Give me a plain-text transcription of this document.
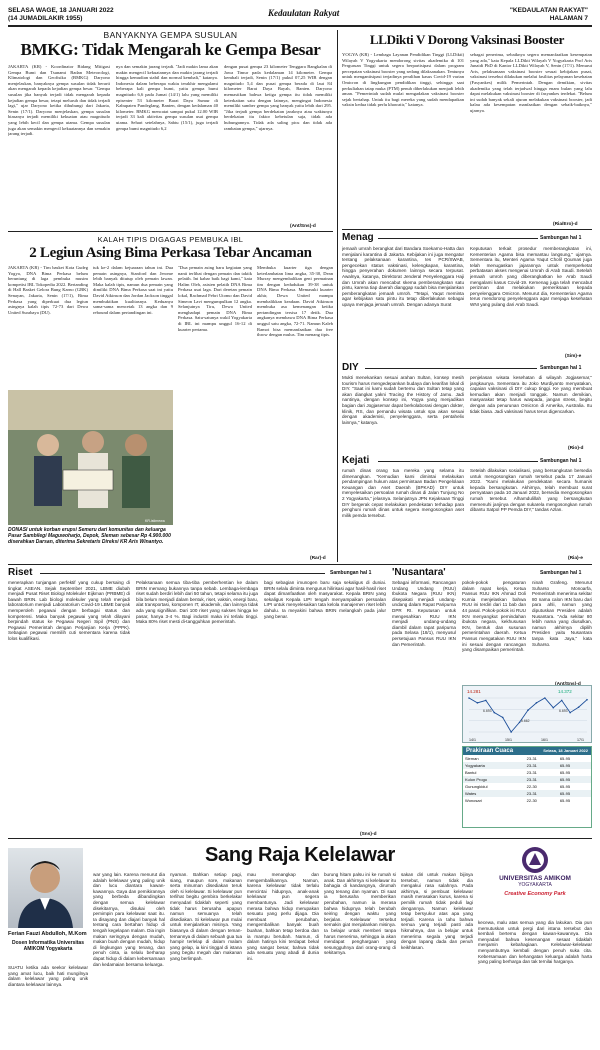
SELASA WAGE, 18 JANUARI 2022
(14 JUMADILAKIR 1955)
Kedaulatan Rakyat	"KEDAULATAN RAKYAT"
HALAMAN 7
BANYAKNYA GEMPA SUSULAN
BMKG: Tidak Mengarah ke Gempa Besar
JAKARTA (KR) - Koordinator Bidang Mitigasi Gempa Bumi dan Tsunami Badan Meteorologi, Klimatologi dan Geofisika (BMKG) Daryono menjelaskan, banyaknya gempa susulan tidak berarti akan mengarah kepada kejadian gempa besar. "Gempa susulan jika banyak terjadi tidak mengarah kepada kejadian gempa besar, tetapi meluruh dan tidak terjadi lagi," ujar Daryono ketika dihubungi dari Jakarta, Senin (17/1). Daryono menjelaskan, gempa susulan biasanya terjadi memiliki kekuatan atau magnitudo yang lebih kecil dan gempa utama. Gempa susulan juga akan semakin mengecil kekuatannya dan semakin jarang terjadi.
nya dan semakin jarang terjadi. "Jadi makin lama akan makin mengecil kekuatannya dan makin jarang terjadi hingga kemudian stabil dan normal kembali," katanya. Indonesia dalam beberapa waktu terakhir mengalami beberapa kali gempa bumi, yaitu gempa bumi magnitudo 6,6 pada Jumat (14/1) lalu yang memiliki episenter 53 kilometer Barat Daya Sumur di Kabupaten Pandeglang, Banten, dengan kedalaman 40 kilometer. BMKG mencatat sampai pukul 12.00 WIB terjadi 33 kali aktivitas gempa susulan usai gempa utama. Sehari setelahnya, Sabtu (15/1), juga terjadi gempa bumi magnitudo 6,2
dengan pusat gempa 23 kilometer Tenggara Bangkalan di Jawa Timur pada kedalaman 14 kilometer. Gempa kembali terjadi, Senin (17/1) pukul 07,25 WIB dengan magnitudo 5,4 dan pusat gempa berada di laut 84 kilometer Barat Daya Bayah, Banten. Daryono memastikan bahwa ketiga gempa itu tidak memiliki keterkaitan satu dengan lainnya, mengingat Indonesia memiliki sumber gempa yang banyak yaitu lebih dari 295. "Jika terjadi gempa berdekatan jaraknya atau waktunya berdekatan itu faktor kebetulan saja, tidak ada hubungannya. Tidak ada saling picu dan tidak ada rambatan gempa," ujarnya.
(Ant/Sns)-d
KALAH TIPIS DIGAGAS PEMBUKA IBL
2 Legiun Asing Bima Perkasa Tebar Ancaman
JAKARTA (KR) - Tim basket Kota Gudeg Yogya, DNA Bima Perkasa belum beruntung di laga pembuka musim kompetisi IBL Tokopedia 2022. Bertanding di Hall Basket Gelora Bung Karno (GBK) Senayan, Jakarta, Senin (17/1), Bima Perkasa yang diperkuat dua legiun asingnya kalah tipis 72-73 dari Dewa United Surabaya (DU).
tuk ke-2 dalam kejuaraan tahun ini. Dua pemain asingnya, Stanford dan Jerome lebih banyak ditutup oleh pemain lawan. Maka kalah tipis, namun dua pemain yang dimiliki DNA Bima Perkasa saat ini yaitu David Atkinson dan Jordan Jackson tinggal membuktikan kualitasnya. Keduanya sama-sama mencetak 13 angka dan 9 rebound dalam pertandingan ini.
"Dua pemain asing baru kegiatan yang nanti terlibat dengan pemain dan taktik pelatih. Ini kabar baik bagi kami," kata Halim Oleh, asisten pelatih DNA Bima Perkasa usai laga. Dari deretan pemain lokal, Rachmad Febri Utomo dan David Simeon Lavi mengumpulkan 12 angka. Selanjutnya Tiru, Dewa United menghadapi pemain DNA Bima Perkasa. Satu-satunya wakil Yogyakarta di IBL ini mampu unggul 16-12 di kuarter pertama.
Membuka kuarter tiga dengan keterlambatan lima angka, 35-30, Dean Murray mengembalikan geni permainan tim dengan kedudukan 39-38 untuk DNA Bima Perkasa. Memasuki kuarter akhir, Dewa United mampu membalikkan keadaan. David Atkinson membuka asa kemenangan ketika pertandingan tersisa 17 detik. Dua angkanya membawa DNA Bima Perkasa unggul satu angka, 72-71. Namun Kaleb Ramot bisa memanfaatkan dua free throw dengan mulus. Tim menang tipis.
KR-istimewa
DONASI untuk korban erupsi Semeru dari komunitas dan keluarga Pasar Sambilegi Maguwoharjo, Depok, Sleman sebesar Rp 4.900.000 diserahkan Darsan, diterima Sekretaris Direksi KR Aris Winantyo.
(Rar)-d
LLDikti V Dorong Vaksinasi Booster
YOGYA (KR) - Lembaga Layanan Pendidikan Tinggi (LLDikti) Wilayah V Yogyakarta mendorong sivitas akademika di 101 Perguruan Tinggi untuk segera berpartisipasi dalam program percepatan vaksinasi booster yang sedang dilaksanakan. Tentunya untuk mengantisipasi terjadinya peralihan kasus Covid-19 varian Omicron di lingkungan pendidikan tinggi, sehingga saat perkuliahan tatap muka (PTM) penuh diberlakukan menjadi lebih aman. "Pemerintah sudah mulai mengadakan vaksinasi booster sejak bertahap. Untuk itu bagi mereka yang sudah mendapatkan vaksin kedua tidak perlu khawatir," katanya.
sebagai penerima, sebaiknya segera memanfaatkan kesempatan yang ada," kata Kepala LLDikti Wilayah V Yogyakarta Prof Aris Junaidi PhD di Kantor LLDikti Wilayah V, Senin (17/1). Menurut Aris, pelaksanaan vaksinasi booster sesuai kebijakan pusat, vaksinasi tersebut dilakukan melalui fasilitas pelayanan kesehatan (Fasyankes) milik Pemerintah. Dengan demikian, sivitas akademika yang telah terjadwal hingga enam bulan yang lalu dapat melakukan vaksinasi booster di fasyankes terdekat. "Belum ini sudah banyak sekali ajuran melakukan vaksinasi booster, jadi kalau ada kesempatan manfaatkan dengan sebaik-baiknya," ujarnya.
(Ria/Ero)-d
Menag	Sambungan hal 1
jemaah umrah berangkat dari Bandara Soekarno-Hatta dan menjalani karantina di Jakarta. Kebijakan ini juga mengatur tentang pelaksanaan karantina, tes PCR/SWAB, pengecekan status vaksinasi, kelengkapan, karantina, hingga penyerahan dokumen lainnya secara terpusat. Awalnya, katanya, Direktorat Jenderal Penyelenggara Haji dan Umrah akan mencabut skema pemberangkatan satu pintu, karena tiap daerah dianggap sudah bisa menjalankan pemberangkatan jemaah umroh. "Tetapi, Yaqut meminta agar kebijakan satu pintu itu tetap diberlakukan sebagai upaya menjaga jemaah umrah. Dengan adanya Surat
Keputusan terkait prosedur memberangkatan ini, Kementerian Agama bisa memantau langsung," ujarnya. Sementara itu, Menteri Agama Yaqut Cholil Qoumas juga telah menugaskan jajarannya untuk memperketat perbatasan akses mengenai Umrah di Arab Saudi. Setelah jemaah umroh yang diberangkatkan ke Arab Saudi mengalami kasus Covid-19. Kemenag juga telah mencabut perizinan dan melakukan pemeriksaan kepada penyelenggara Omicron. Menurut dia, Kementerian Agama terus mendorong penyelenggara agar menjaga kesehatan WNI yang pulang dari Arab Saudi.
(Sim)-e
DIY	Sambungan hal 1
Mukti menekankan sesuai arahan Sultan, konsep mesih tourism harus mengedepankan budaya dan kearifan lokal di DIY. "Saat ini kami sudah bertemu dan Sultan tetap yang akan diangkat yakni Tracing the History of Jamu. Jadi nantinya, dengan konsep ini, Yogya yang menjadikan bagian dari Jogjasemar dapat berkolaborasi dengan dokter, klinik, RS, dan pemandu wisata untuk spa akan sesuai dengan akademisi, penyelenggara, serta pentahelix lainnya," katanya.
penjelasan wisata kesehatan di wilayah Jogjasemar," jangkaunya. Sementara itu Joko Murdiyanto menyatakan, capaian vaksinasi di DIY cukup tinggi. Ke yang membuat kemudian akan menjadi tonggak. Namun demikian, masyarakat tetap harus waspada, jangan stress, begitu dengan ada penurunan Omicron di Amerika, Australia. Itu tidak biasa. Jadi vaksinasi harus terus digencarkan.
(Rio)-d
Kejati	Sambungan hal 1
rumah dinas orang tua mereka yang selama itu dimenangkan. "Kemudian kami dimintai melakukan pendampingan hukum atas permintaan Badan Pengelolaan Keuangan dan Aset Daerah (BPKAD) DIY untuk menyelesaikan persoalan rumah dinas di Jalan Tunjung No 2 Yogyakarta," jelasnya. Selanjutnya JPN Kejaksaan Tinggi DIY bergerak cepat melakukan pendekatan terhadap para penghuni rumah dinas untuk segera mengosongkan aset milik pemda tersebut.
Setelah dilakukan sosialisasi, yang bersangkutan bersedia untuk mengosongkan rumah tersebut pada 17 Januari 2022. "Kami melakukan pendekatan secara humanis kepada bersangkutan. Akhirnya, telah membuat surat pernyataan pada 10 Januari 2022, bersedia mengosongkan rumah tersebut. Alhamdulillah yang bersangkutan memenuhi janjinya dengan sukarela mengosongkan rumah dibantu Satpol PP Pemda DIY," tandas Azlan.
(Ria)-e
Riset	Sambungan hal 1
menerapkan tunjangan perfektif yang cukup bersaing di tingkat ASEAN. Sejak September 2021, LBME diubah menjadi Pusat Riset Biologi Molekuler Eijkman (PRBME) di bawah BRIN. Lab biologi molekuler yang telah menjadi laboratorium menjadi Laboratorium Covid-19 LBME banyak memperoleh pegawai dengan berbagai status dan kompetensi. Maka banyak pegawai yang telah dilayani berpindah status ke Pegawai Negeri Sipil (PNS) dan Pegawai Pemerintah dengan Perjanjian Kerja (PPPK). Sebagian pegawai memilih cuti sementara karena tidak lolos kualifikasi.
Pelaksanaan semua tiba-tiba pemberhentian ke dalam BRIN memang bukannya tanpa sebab. Lembaga-lembaga riset sudah berdiri lebih dari 50 tahun, tetapi selama itu juga bila belum menjadi dalam bentuk, riset, vaksin, energi baru, alat transportasi, komponen IT, akademik, dan lainnya tidak ada yang signifikan. Dari 100 riset yang sukses hingga ke pasar, hanya 3-4 %. Bagi industri maka ini terlalu tinggi. Maka 80% riset mesti di-tangguhkan pemerintah.
bagi sebagian imunogen baru saja sekaligus di duniai. BRIN selalu diminta mengurus hilirisasi agar hasil-hasil riset dapat dimanfaatkan oleh masyarakat. Kepala BRIN yang sekaligus Kepala LIPI tengah menyampaikan persoalan LIPI untuk menyelesaikan tata kelola manajemen riset lebih dahulu. Ia meyakini bahwa BRIN melangkah pada jalur yang benar.
(Sns)-d
'Nusantara'	Sambungan hal 1
Sebagai informasi, Rancangan Undang Undang (RUU) Ibukota Negara (RUU IKN) disepakati menjadi undang-undang dalam Rapat Paripurna DPR RI. Keputusan untuk mengesahkan RUU IKN menjadi undang-undang diambil dalam rapat paripurna pada Selasa (18/1), menyusul persetujuan Pansus RUU IKN dan Pemerintah.
pokok-pokok pengaturan dalam rapat kerja, Ketua Pansus RUU IKN Ahmad Doli Kurnia menjelaskan bahwa RUU ini terdiri dari 11 bab dan 44 pasal. Pokok-pokok isi RUU IKN menyangkut pemindahan ibukota negara, kekhususan IKN, bentuk dan susunan pemerintahan daerah. Ketua Pansus mengatakan RUU IKN ini sesuai dengan rancangan yang disampaikan pemerintah.
ninah Grafeng. Menurut Suharso Monoarfa, Pemerintah menerima sekitar 80 nama calon IKN baru dari para ahli, namun yang diputuskan Presiden adalah Nusantara. "Ada sekitar 80 lebih nama yang diusulkan, namun akhirnya dipilih Presiden yaitu Nusantara tanpa kata Jaya," kata Suharso.
14.281	14.372
14/1	15/1	16/1	17/1
6.693
6.662
6.693
Prakiraan Cuaca	Selasa, 18 Januari 2022
Sleman	23-31	65-95
Yogyakarta	23-31	65-95
Bantul	23-31	65-95
Kulon Progo	23-31	65-95
Gunungkidul	22-30	65-95
Wates	23-31	65-95
Wonosari	22-30	65-95
Sang Raja Kelelawar
Ferian Fauzi Abdulloh, M.Kom
Dosen Informatika Universitas AMIKOM Yogyakarta
SUATU ketika ada seekor kelelawar yang amat lucu, baik hati mungilnya dalam kelelawar yang paling unik diantara kelelawar lainnya.
war yang lain. Karena menurut dia adalah kelelawar yang paling unik dan lucu diantara kawan-kawannya. Gaya dan pemikirannya yang berbeda dibandingkan dengan semua kelelawar disekitarnya, disukai oleh pemimpin para kelelawar saat itu. Ia disayang dan diajari banyak hal tentang cara bertahan hidup di tengah kegelapan malam. Dia ingin makan seringnya dengan mudah, makan buah dengan mudah, hidup di lingkungan yang tenang, dan penuh cinta, ia selalu berharap dapat hidup di dalam kebersamaan dan kedamaian bersama keluarga.
nyaman. Bahkan setiap pagi, siang, maupun sore, makanan serta minuman disediakan teruk oleh si kelelawar. Si kelelawar pun terlihat begitu gembira berkelakar menyadari tidaklah seperti yang tidak harus berusaha apapun namun semuanya telah disediakan. Si kelelawar pun mulai untuk menjalankan misinya. Yang biasanya di dalam dengan teman-temannya di dalam sebuah gua tua hampir terlelap di dalam malam yang gelap, ia kini tinggal di istana yang begitu megah dan makanan yang berlimpah.
mau menangkap dan mengembalikannya. Namun, karena kelelawar tidak terlalu mencintai hidupnya, anak-anak kelelawar pun segera membantunya. Jadi kelelawar merasa bahwa hidup merupakan sesuatu yang perlu dijaga. Dia membuat perubahan, mengembalikan banyak buah buahan, bahkan tetap berdoa dan ia mampu berubah. Namun, di dalam hatinya kini terdapat bekal yang sangat besar, bahwa tidak ada sesuatu yang abadi di dunia ini.
burung hitam palsu ini ke rumah si anak. Dan akhirnya si kelelawar itu bahagia di kandangnya, dirumah yang tenang dan nyaman. Di saat ia berusaha memberikan perubahan, namun ia merasa bahwa hidupnya telah berubah seiring dengan waktu yang berjalan. Kelelawar tersebut semakin giat menjalankan misinya. Ia belajar untuk memberi tanpa harus menerima, sehingga ia akan mendapat penghargaan yang sesungguhnya dari orang-orang di sekitarnya.
sakan diri untuk makan bijinya tersebut, namun tidak dia mengakui rasa salahnya. Pada akhirnya, si pembuat kelelawar masih merasakan kurus, karena si pemilik rumah tidak peduli lagi dengannya. Namun kelelawar tetap bersyukur atas apa yang terjadi. Karena ia tahu bahwa semua yang terjadi pasti ada hikmahnya, dan ia belajar untuk menerima segala yang terjadi dengan lapang dada dan penuh keikhlasan.
kecewa, malu atas semua yang dia lakukan. Dia pun memutuskan untuk pergi dari istana tersebut dan kembali bertemu dengan kawan-kawannya. Dia menyadari bahwa kesenangan sesaat tidaklah menjamin kebahagiaan. Kelelawar-kelelawar menyambutnya kembali dengan penuh suka cita. Kebersamaan dan kehangatan keluarga adalah harta yang paling berharga dan tak ternilai harganya.
UNIVERSITAS AMIKOM
YOGYAKARTA
Creative Economy Park
